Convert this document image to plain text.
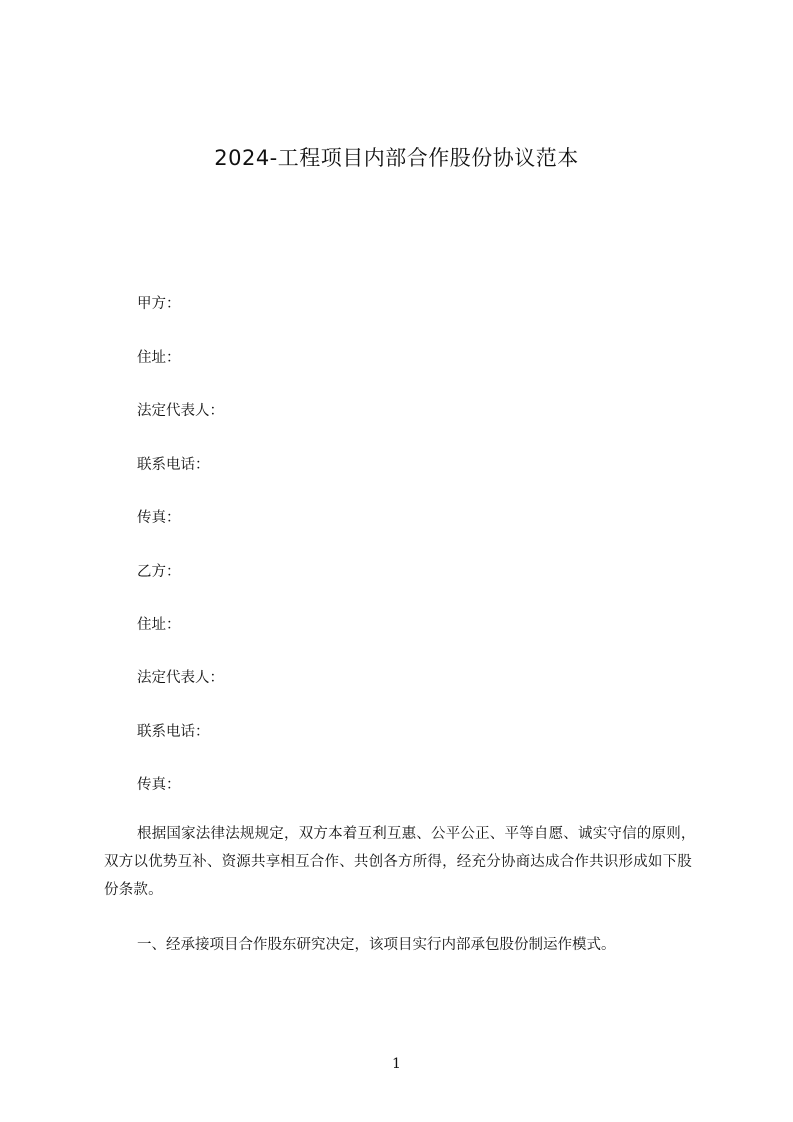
2024-工程项目内部合作股份协议范本
甲方：
住址：
法定代表人：
联系电话：
传真：
乙方：
住址：
法定代表人：
联系电话：
传真：
根据国家法律法规规定，双方本着互利互惠、公平公正、平等自愿、诚实守信的原则，双方以优势互补、资源共享相互合作、共创各方所得，经充分协商达成合作共识形成如下股份条款。
一、经承接项目合作股东研究决定，该项目实行内部承包股份制运作模式。
1
